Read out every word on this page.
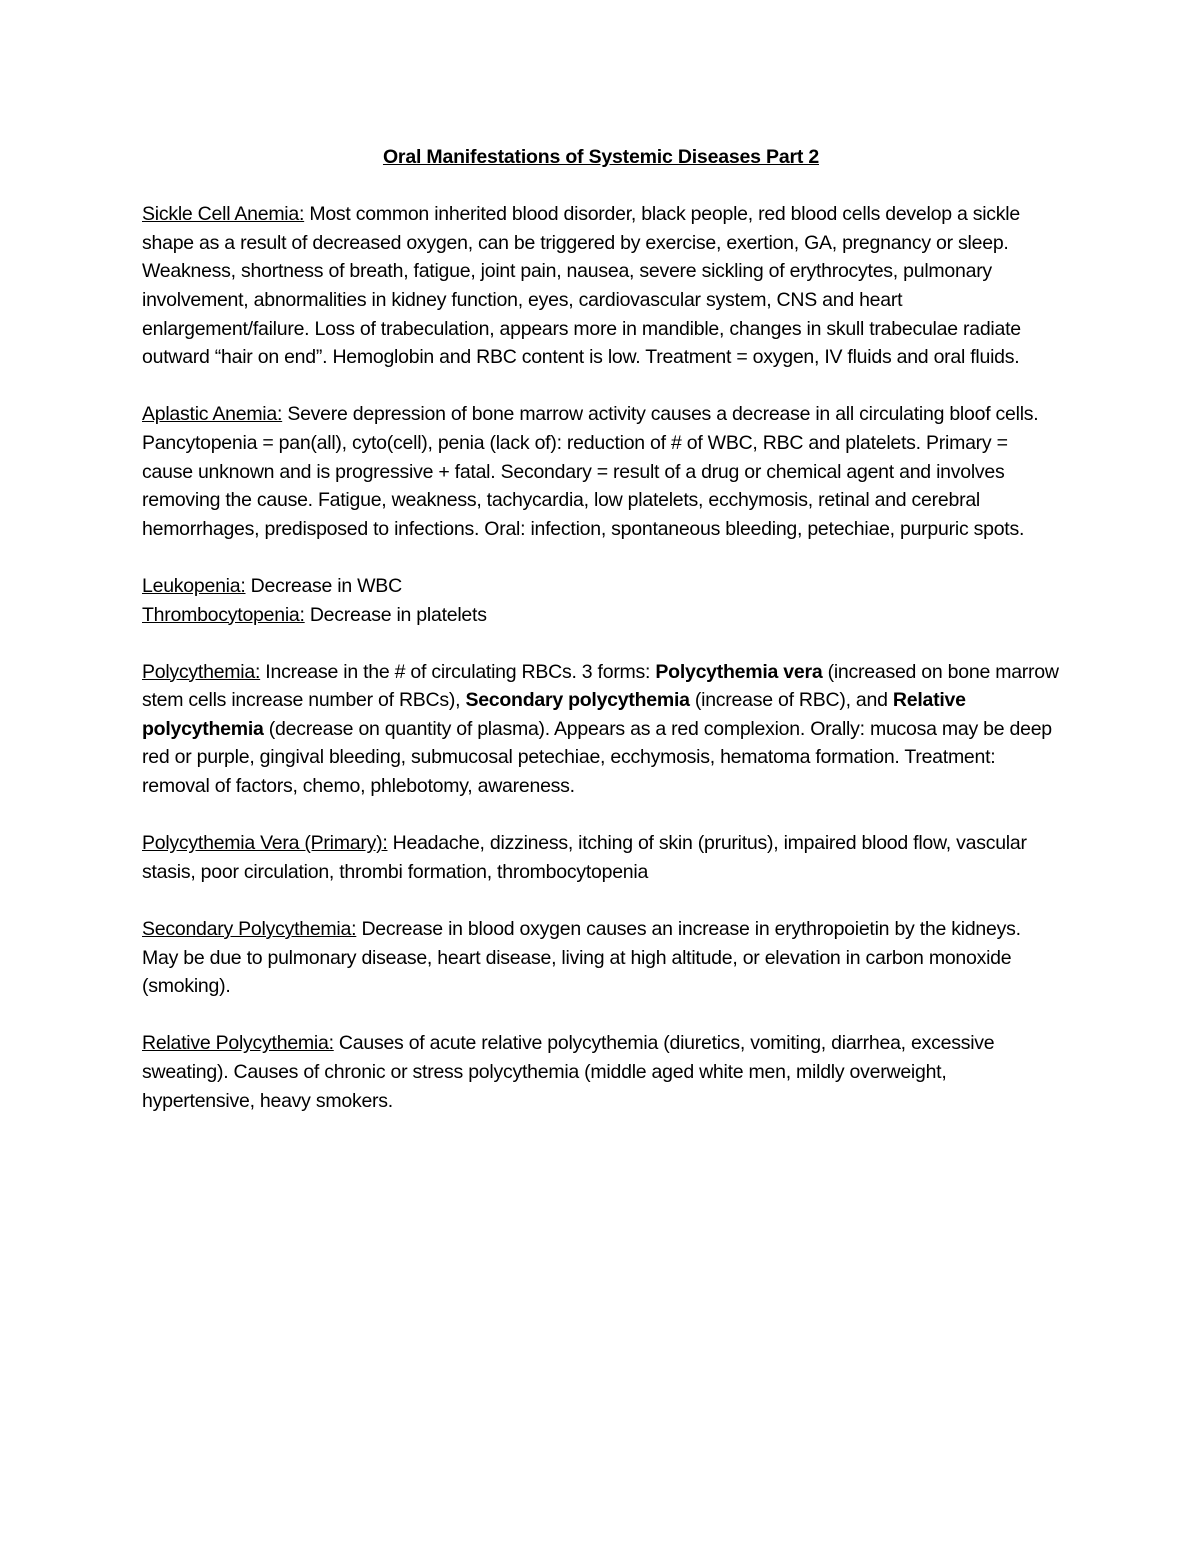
Oral Manifestations of Systemic Diseases Part 2
Sickle Cell Anemia: Most common inherited blood disorder, black people, red blood cells develop a sickle shape as a result of decreased oxygen, can be triggered by exercise, exertion, GA, pregnancy or sleep. Weakness, shortness of breath, fatigue, joint pain, nausea, severe sickling of erythrocytes, pulmonary involvement, abnormalities in kidney function, eyes, cardiovascular system, CNS and heart enlargement/failure. Loss of trabeculation, appears more in mandible, changes in skull trabeculae radiate outward “hair on end”. Hemoglobin and RBC content is low. Treatment = oxygen, IV fluids and oral fluids.
Aplastic Anemia: Severe depression of bone marrow activity causes a decrease in all circulating bloof cells. Pancytopenia = pan(all), cyto(cell), penia (lack of): reduction of # of WBC, RBC and platelets. Primary = cause unknown and is progressive + fatal. Secondary = result of a drug or chemical agent and involves removing the cause. Fatigue, weakness, tachycardia, low platelets, ecchymosis, retinal and cerebral hemorrhages, predisposed to infections. Oral: infection, spontaneous bleeding, petechiae, purpuric spots.
Leukopenia: Decrease in WBC
Thrombocytopenia: Decrease in platelets
Polycythemia: Increase in the # of circulating RBCs. 3 forms: Polycythemia vera (increased on bone marrow stem cells increase number of RBCs), Secondary polycythemia (increase of RBC), and Relative polycythemia (decrease on quantity of plasma). Appears as a red complexion. Orally: mucosa may be deep red or purple, gingival bleeding, submucosal petechiae, ecchymosis, hematoma formation. Treatment: removal of factors, chemo, phlebotomy, awareness.
Polycythemia Vera (Primary): Headache, dizziness, itching of skin (pruritus), impaired blood flow, vascular stasis, poor circulation, thrombi formation, thrombocytopenia
Secondary Polycythemia: Decrease in blood oxygen causes an increase in erythropoietin by the kidneys. May be due to pulmonary disease, heart disease, living at high altitude, or elevation in carbon monoxide (smoking).
Relative Polycythemia: Causes of acute relative polycythemia (diuretics, vomiting, diarrhea, excessive sweating). Causes of chronic or stress polycythemia (middle aged white men, mildly overweight, hypertensive, heavy smokers.
